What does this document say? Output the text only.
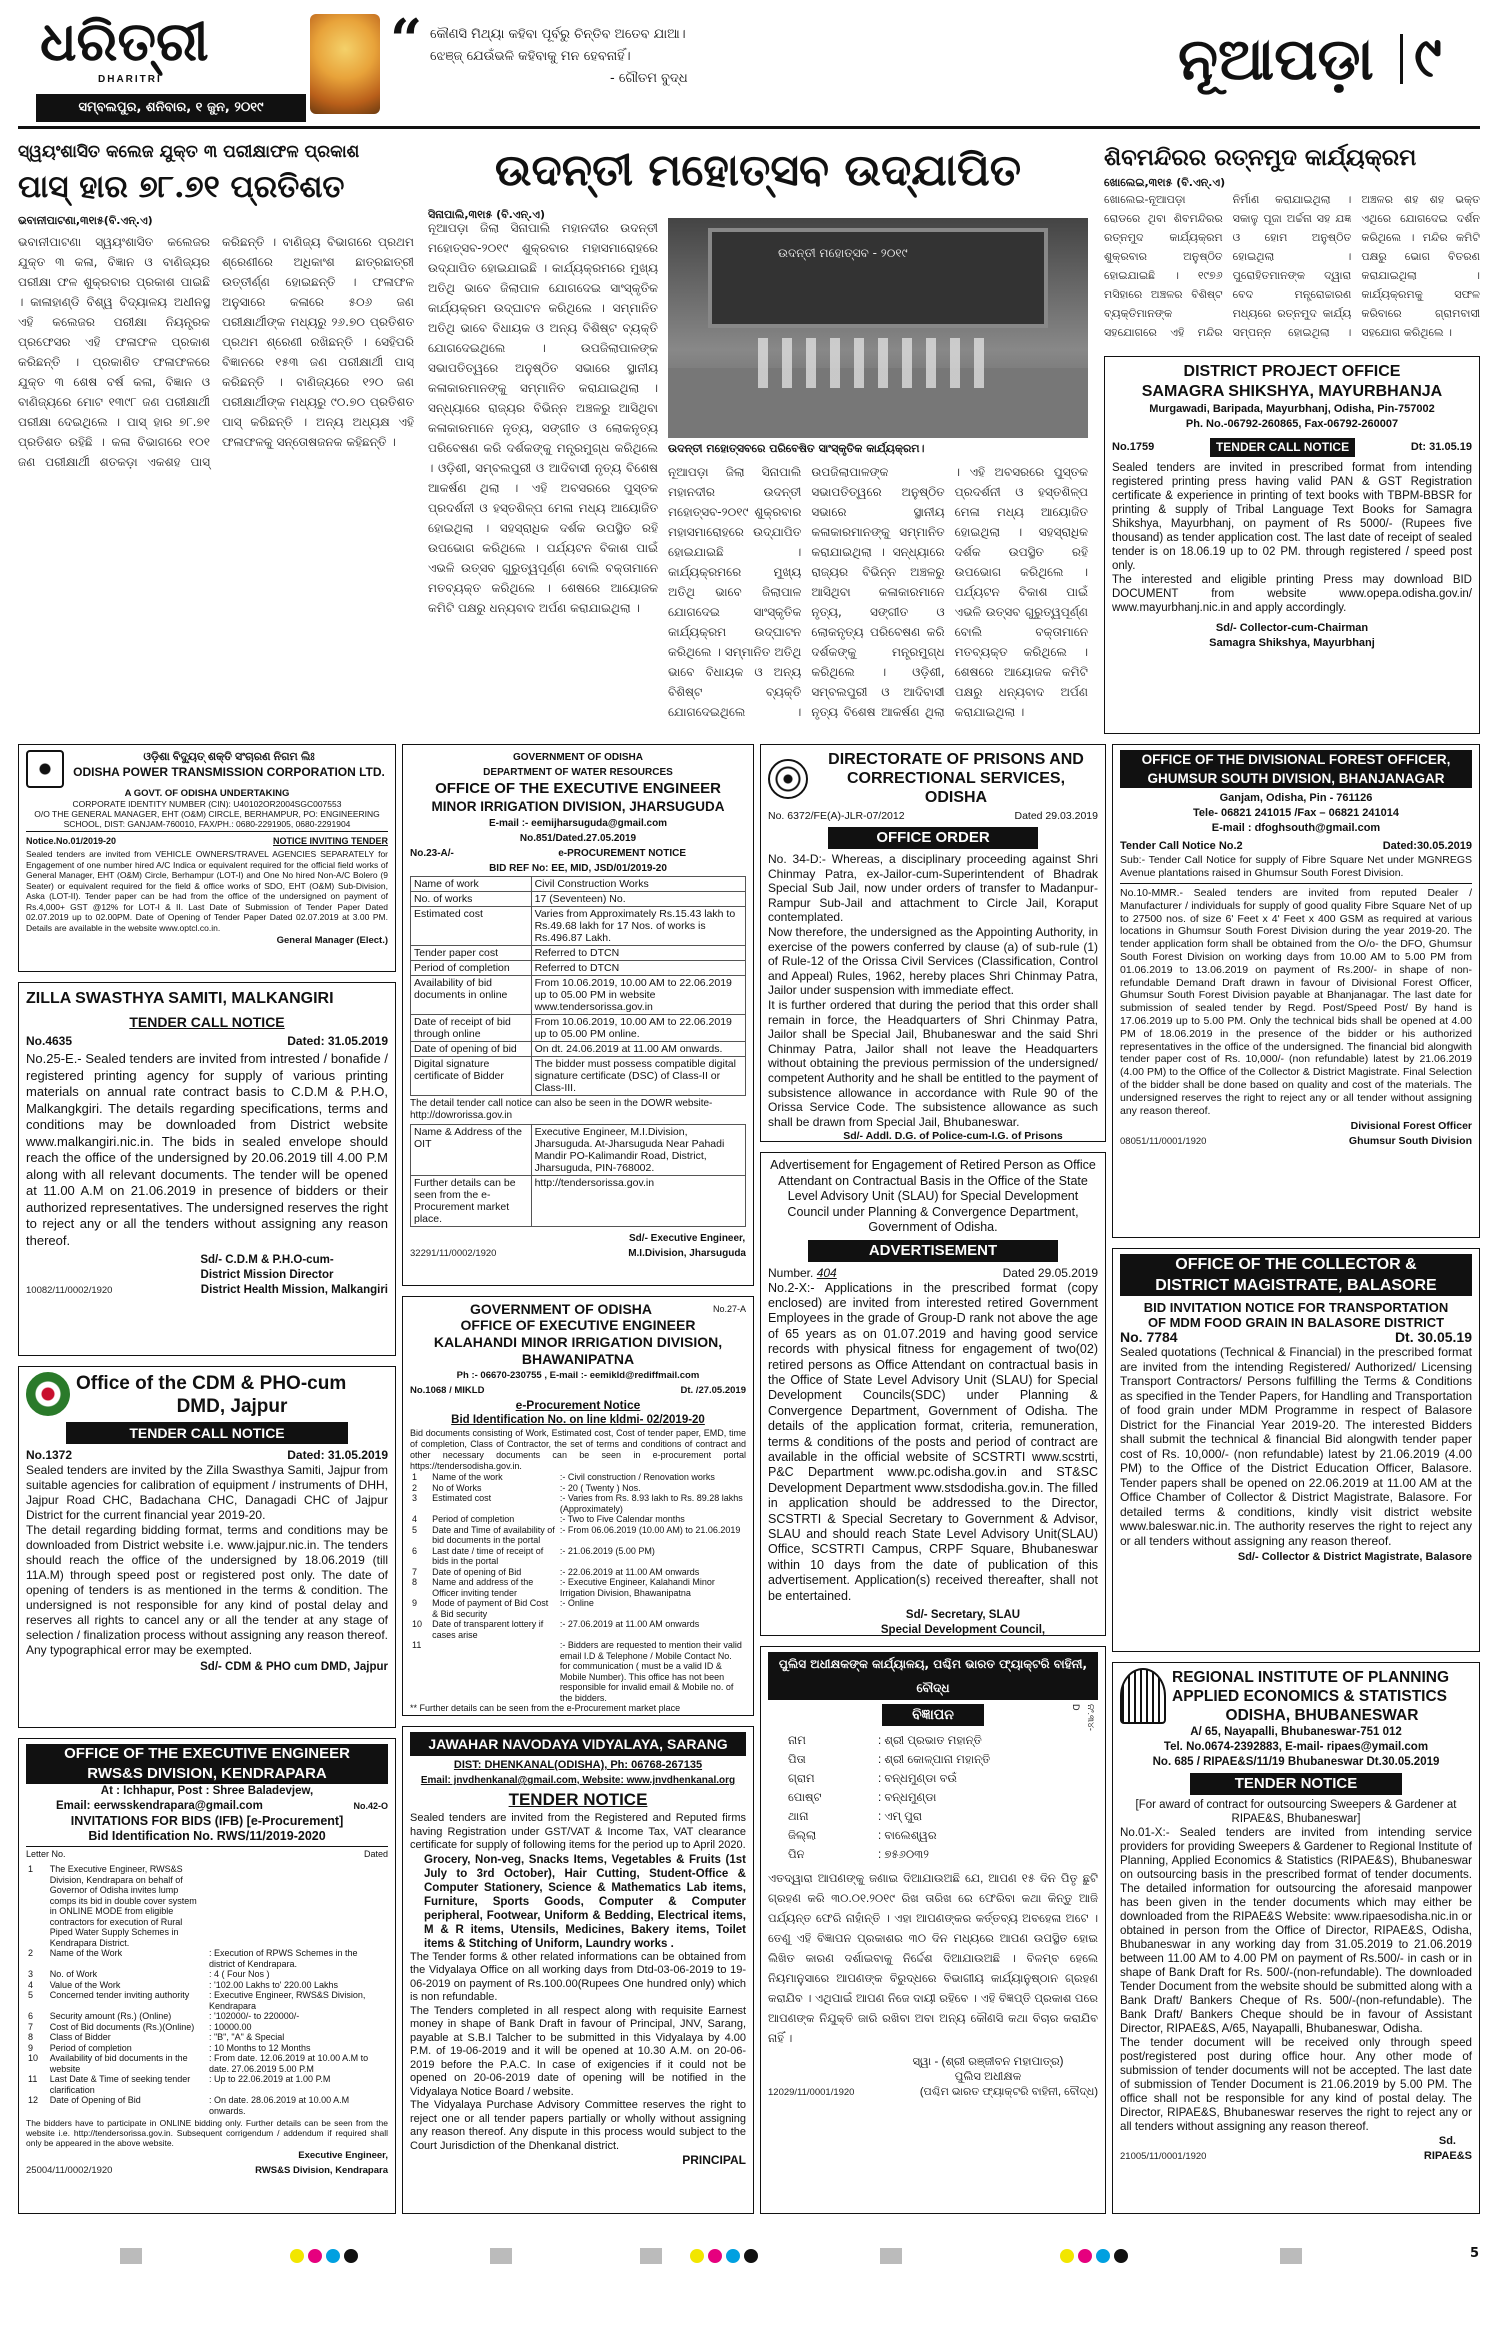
ଧରିତ୍ରୀ
DHARITRI
ସମ୍ବଲପୁର, ଶନିବାର, ୧ ଜୁନ, ୨୦୧୯
“ କୌଣସି ମିଥ୍ୟା କହିବା ପୂର୍ବରୁ ଚିନ୍ତିବ ଅତେବ ଯାଆ।
ଝେଞ୍ଜ୍ ଯେଉଁଭଳି କହିବାକୁ ମନ ହେବନାହିଁ।
- ଗୌତମ ବୁଦ୍ଧ	ନୂଆପଡ଼ା ୯
ସ୍ୱୟଂଶାସିତ କଲେଜ ଯୁକ୍ତ ୩ ପରୀକ୍ଷାଫଳ ପ୍ରକାଶ
ପାସ୍ ହାର ୭୮.୭୧ ପ୍ରତିଶତ
ଭବାନୀପାଟଣା,୩୧ା୫(ବି.ଏନ୍.ଏ)
ଭବାନୀପାଟଣା ସ୍ୱୟଂଶାସିତ କଲେଜର ଯୁକ୍ତ ୩ କଳା, ବିଜ୍ଞାନ ଓ ବାଣିଜ୍ୟର ପରୀକ୍ଷା ଫଳ ଶୁକ୍ରବାର ପ୍ରକାଶ ପାଇଛି । କାଳାହାଣ୍ଡି ବିଶ୍ୱ ବିଦ୍ୟାଳୟ ଅଧୀନସ୍ଥ ଏହି କଲେଜର ପରୀକ୍ଷା ନିୟନ୍ତ୍ରକ ପ୍ରଫେସର ଏହି ଫଳାଫଳ ପ୍ରକାଶ କରିଛନ୍ତି । ପ୍ରକାଶିତ ଫଳାଫଳରେ ଯୁକ୍ତ ୩ ଶେଷ ବର୍ଷ କଳା, ବିଜ୍ଞାନ ଓ ବାଣିଜ୍ୟରେ ମୋଟ ୧୩୯୮ ଜଣ ପରୀକ୍ଷାର୍ଥୀ ପରୀକ୍ଷା ଦେଇଥିଲେ । ପାସ୍ ହାର ୭୮.୭୧ ପ୍ରତିଶତ ରହିଛି । କଳା ବିଭାଗରେ ୧୦୧ ଜଣ ପରୀକ୍ଷାର୍ଥୀ ଶତକଡ଼ା ଏକଶହ ପାସ୍ କରିଛନ୍ତି । ବାଣିଜ୍ୟ ବିଭାଗରେ ପ୍ରଥମ ଶ୍ରେଣୀରେ ଅଧିକାଂଶ ଛାତ୍ରଛାତ୍ରୀ ଉତ୍ତୀର୍ଣ୍ଣ ହୋଇଛନ୍ତି । ଫଳାଫଳ ଅନୁସାରେ କଳାରେ ୫୦୬ ଜଣ ପରୀକ୍ଷାର୍ଥୀଙ୍କ ମଧ୍ୟରୁ ୨୬.୭୦ ପ୍ରତିଶତ ପ୍ରଥମ ଶ୍ରେଣୀ ରଖିଛନ୍ତି । ସେହିପରି ବିଜ୍ଞାନରେ ୧୫୩ ଜଣ ପରୀକ୍ଷାର୍ଥୀ ପାସ୍ କରିଛନ୍ତି । ବାଣିଜ୍ୟରେ ୧୨୦ ଜଣ ପରୀକ୍ଷାର୍ଥୀଙ୍କ ମଧ୍ୟରୁ ୯୦.୭୦ ପ୍ରତିଶତ ପାସ୍ କରିଛନ୍ତି । ଅନ୍ୟ ଅଧ୍ୟକ୍ଷ ଏହି ଫଳାଫଳକୁ ସନ୍ତୋଷଜନକ କହିଛନ୍ତି ।
ଉଦନ୍ତୀ ମହୋତ୍ସବ ଉଦ୍‌ଯାପିତ
ସିନାପାଲି,୩୧ା୫ (ବି.ଏନ୍.ଏ)
ଉଦନ୍ତୀ ମହୋତ୍ସବ - ୨୦୧୯
ଉଦନ୍ତୀ ମହୋତ୍ସବରେ ପରିବେଷିତ ସାଂସ୍କୃତିକ କାର୍ଯ୍ୟକ୍ରମ।
ନୂଆପଡ଼ା ଜିଲା ସିନାପାଲି ମହାନଦୀର ଉଦନ୍ତୀ ମହୋତ୍ସବ-୨୦୧୯ ଶୁକ୍ରବାର ମହାସମାରୋହରେ ଉଦ୍‌ଯାପିତ ହୋଇଯାଇଛି । କାର୍ଯ୍ୟକ୍ରମରେ ମୁଖ୍ୟ ଅତିଥି ଭାବେ ଜିଲାପାଳ ଯୋଗଦେଇ ସାଂସ୍କୃତିକ କାର୍ଯ୍ୟକ୍ରମ ଉଦ୍‌ଘାଟନ କରିଥିଲେ । ସମ୍ମାନିତ ଅତିଥି ଭାବେ ବିଧାୟକ ଓ ଅନ୍ୟ ବିଶିଷ୍ଟ ବ୍ୟକ୍ତି ଯୋଗଦେଇଥିଲେ । ଉପଜିଲାପାଳଙ୍କ ସଭାପତିତ୍ୱରେ ଅନୁଷ୍ଠିତ ସଭାରେ ସ୍ଥାନୀୟ କଳାକାରମାନଙ୍କୁ ସମ୍ମାନିତ କରାଯାଇଥିଲା । ସନ୍ଧ୍ୟାରେ ରାଜ୍ୟର ବିଭିନ୍ନ ଅଞ୍ଚଳରୁ ଆସିଥିବା କଳାକାରମାନେ ନୃତ୍ୟ, ସଙ୍ଗୀତ ଓ ଲୋକନୃତ୍ୟ ପରିବେଷଣ କରି ଦର୍ଶକଙ୍କୁ ମନ୍ତ୍ରମୁଗ୍ଧ କରିଥିଲେ । ଓଡ଼ିଶୀ, ସମ୍ବଲପୁରୀ ଓ ଆଦିବାସୀ ନୃତ୍ୟ ବିଶେଷ ଆକର୍ଷଣ ଥିଲା । ଏହି ଅବସରରେ ପୁସ୍ତକ ପ୍ରଦର୍ଶନୀ ଓ ହସ୍ତଶିଳ୍ପ ମେଳା ମଧ୍ୟ ଆୟୋଜିତ ହୋଇଥିଲା । ସହସ୍ରାଧିକ ଦର୍ଶକ ଉପସ୍ଥିତ ରହି ଉପଭୋଗ କରିଥିଲେ । ପର୍ଯ୍ୟଟନ ବିକାଶ ପାଇଁ ଏଭଳି ଉତ୍ସବ ଗୁରୁତ୍ୱପୂର୍ଣ୍ଣ ବୋଲି ବକ୍ତାମାନେ ମତବ୍ୟକ୍ତ କରିଥିଲେ । ଶେଷରେ ଆୟୋଜକ କମିଟି ପକ୍ଷରୁ ଧନ୍ୟବାଦ ଅର୍ପଣ କରାଯାଇଥିଲା ।
ନୂଆପଡ଼ା ଜିଲା ସିନାପାଲି ମହାନଦୀର ଉଦନ୍ତୀ ମହୋତ୍ସବ-୨୦୧୯ ଶୁକ୍ରବାର ମହାସମାରୋହରେ ଉଦ୍‌ଯାପିତ ହୋଇଯାଇଛି । କାର୍ଯ୍ୟକ୍ରମରେ ମୁଖ୍ୟ ଅତିଥି ଭାବେ ଜିଲାପାଳ ଯୋଗଦେଇ ସାଂସ୍କୃତିକ କାର୍ଯ୍ୟକ୍ରମ ଉଦ୍‌ଘାଟନ କରିଥିଲେ । ସମ୍ମାନିତ ଅତିଥି ଭାବେ ବିଧାୟକ ଓ ଅନ୍ୟ ବିଶିଷ୍ଟ ବ୍ୟକ୍ତି ଯୋଗଦେଇଥିଲେ । ଉପଜିଲାପାଳଙ୍କ ସଭାପତିତ୍ୱରେ ଅନୁଷ୍ଠିତ ସଭାରେ ସ୍ଥାନୀୟ କଳାକାରମାନଙ୍କୁ ସମ୍ମାନିତ କରାଯାଇଥିଲା । ସନ୍ଧ୍ୟାରେ ରାଜ୍ୟର ବିଭିନ୍ନ ଅଞ୍ଚଳରୁ ଆସିଥିବା କଳାକାରମାନେ ନୃତ୍ୟ, ସଙ୍ଗୀତ ଓ ଲୋକନୃତ୍ୟ ପରିବେଷଣ କରି ଦର୍ଶକଙ୍କୁ ମନ୍ତ୍ରମୁଗ୍ଧ କରିଥିଲେ । ଓଡ଼ିଶୀ, ସମ୍ବଲପୁରୀ ଓ ଆଦିବାସୀ ନୃତ୍ୟ ବିଶେଷ ଆକର୍ଷଣ ଥିଲା । ଏହି ଅବସରରେ ପୁସ୍ତକ ପ୍ରଦର୍ଶନୀ ଓ ହସ୍ତଶିଳ୍ପ ମେଳା ମଧ୍ୟ ଆୟୋଜିତ ହୋଇଥିଲା । ସହସ୍ରାଧିକ ଦର୍ଶକ ଉପସ୍ଥିତ ରହି ଉପଭୋଗ କରିଥିଲେ । ପର୍ଯ୍ୟଟନ ବିକାଶ ପାଇଁ ଏଭଳି ଉତ୍ସବ ଗୁରୁତ୍ୱପୂର୍ଣ୍ଣ ବୋଲି ବକ୍ତାମାନେ ମତବ୍ୟକ୍ତ କରିଥିଲେ । ଶେଷରେ ଆୟୋଜକ କମିଟି ପକ୍ଷରୁ ଧନ୍ୟବାଦ ଅର୍ପଣ କରାଯାଇଥିଲା ।
ଶିବମନ୍ଦିରର ରତ୍ନମୁଦ କାର୍ଯ୍ୟକ୍ରମ
ଖୋଲେଇ,୩୧ା୫ (ବି.ଏନ୍.ଏ)
ଖୋଲେଇ-ନୂଆପଡ଼ା ରୋଡରେ ଥିବା ଶିବମନ୍ଦିରର ରତ୍ନମୁଦ କାର୍ଯ୍ୟକ୍ରମ ଶୁକ୍ରବାର ଅନୁଷ୍ଠିତ ହୋଇଯାଇଛି । ୧୯୭୬ ମସିହାରେ ଅଞ୍ଚଳର ବିଶିଷ୍ଟ ବ୍ୟକ୍ତିମାନଙ୍କ ସହଯୋଗରେ ଏହି ମନ୍ଦିର ନିର୍ମାଣ କରାଯାଇଥିଲା । ସକାଳୁ ପୂଜା ଅର୍ଚ୍ଚନା ସହ ଯଜ୍ଞ ଓ ହୋମ ଅନୁଷ୍ଠିତ ହୋଇଥିଲା । ପୁରୋହିତମାନଙ୍କ ଦ୍ୱାରା ବେଦ ମନ୍ତ୍ରୋଚ୍ଚାରଣ ମଧ୍ୟରେ ରତ୍ନମୁଦ କାର୍ଯ୍ୟ ସମ୍ପନ୍ନ ହୋଇଥିଲା । ଅଞ୍ଚଳର ଶହ ଶହ ଭକ୍ତ ଏଥିରେ ଯୋଗଦେଇ ଦର୍ଶନ କରିଥିଲେ । ମନ୍ଦିର କମିଟି ପକ୍ଷରୁ ଭୋଗ ବିତରଣ କରାଯାଇଥିଲା । କାର୍ଯ୍ୟକ୍ରମକୁ ସଫଳ କରିବାରେ ଗ୍ରାମବାସୀ ସହଯୋଗ କରିଥିଲେ ।
DISTRICT PROJECT OFFICE
SAMAGRA SHIKSHYA, MAYURBHANJA
Murgawadi, Baripada, Mayurbhanj, Odisha, Pin-757002
Ph. No.-06792-260865, Fax-06792-260007
No.1759	TENDER CALL NOTICE	Dt: 31.05.19
Sealed tenders are invited in prescribed format from intending registered printing press having valid PAN & GST Registration certificate & experience in printing of text books with TBPM-BBSR for printing & supply of Tribal Language Text Books for Samagra Shikshya, Mayurbhanj, on payment of Rs 5000/- (Rupees five thousand) as tender application cost. The last date of receipt of sealed tender is on 18.06.19 up to 02 PM. through registered / speed post only.
The interested and eligible printing Press may download BID DOCUMENT from website www.opepa.odisha.gov.in/ www.mayurbhanj.nic.in and apply accordingly.
Sd/- Collector-cum-Chairman
Samagra Shikshya, Mayurbhanj
ଓଡ଼ିଶା ବିଦ୍ୟୁତ୍ ଶକ୍ତି ସଂଚାରଣ ନିଗମ ଲିଃ
ODISHA POWER TRANSMISSION CORPORATION LTD.
A GOVT. OF ODISHA UNDERTAKING
CORPORATE IDENTITY NUMBER (CIN): U40102OR2004SGC007553
O/O THE GENERAL MANAGER, EHT (O&M) CIRCLE, BERHAMPUR, PO: ENGINEERING SCHOOL, DIST: GANJAM-760010, FAX/PH.: 0680-2291905, 0680-2291904
Notice.No.01/2019-20	NOTICE INVITING TENDER
Sealed tenders are invited from VEHICLE OWNERS/TRAVEL AGENCIES SEPARATELY for Engagement of one number hired A/C Indica or equivalent required for the official field works of General Manager, EHT (O&M) Circle, Berhampur (LOT-I) and One No hired Non-A/C Bolero (9 Seater) or equivalent required for the field & office works of SDO, EHT (O&M) Sub-Division, Aska (LOT-II). Tender paper can be had from the office of the undersigned on payment of Rs.4,000+ GST @12% for LOT-I & II. Last Date of Submission of Tender Paper Dated 02.07.2019 up to 02.00PM. Date of Opening of Tender Paper Dated 02.07.2019 at 3.00 PM. Details are available in the website www.optcl.co.in.
General Manager (Elect.)
ZILLA SWASTHYA SAMITI, MALKANGIRI
TENDER CALL NOTICE
No.4635	Dated: 31.05.2019
No.25-E.- Sealed tenders are invited from intrested / bonafide / registered printing agency for supply of various printing materials on annual rate contract basis to C.D.M & P.H.O, Malkangkgiri. The details regarding specifications, terms and conditions may be downloaded from District website www.malkangiri.nic.in. The bids in sealed envelope should reach the office of the undersigned by 20.06.2019 till 4.00 P.M along with all relevant documents. The tender will be opened at 11.00 A.M on 21.06.2019 in presence of bidders or their authorized representatives. The undersigned reserves the right to reject any or all the tenders without assigning any reason thereof.
Sd/- C.D.M & P.H.O-cum-
District Mission Director
10082/11/0002/1920	District Health Mission, Malkangiri
Office of the CDM & PHO-cum
DMD, Jajpur
TENDER CALL NOTICE
No.1372	Dated: 31.05.2019
Sealed tenders are invited by the Zilla Swasthya Samiti, Jajpur from suitable agencies for calibration of equipment / instruments of DHH, Jajpur Road CHC, Badachana CHC, Danagadi CHC of Jajpur District for the current financial year 2019-20.
The detail regarding bidding format, terms and conditions may be downloaded from District website i.e. www.jajpur.nic.in. The tenders should reach the office of the undersigned by 18.06.2019 (till 11A.M) through speed post or registered post only. The date of opening of tenders is as mentioned in the terms & condition. The undersigned is not responsible for any kind of postal delay and reserves all rights to cancel any or all the tender at any stage of selection / finalization process without assigning any reason thereof. Any typographical error may be exempted.
Sd/- CDM & PHO cum DMD, Jajpur
OFFICE OF THE EXECUTIVE ENGINEER
RWS&S DIVISION, KENDRAPARA
At : Ichhapur, Post : Shree Baladevjew,
Email: eerwsskendrapara@gmail.com	No.42-O
INVITATIONS FOR BIDS (IFB) [e-Procurement]
Bid Identification No. RWS/11/2019-2020
Letter No.	Dated
1	The Executive Engineer, RWS&S Division, Kendrapara on behalf of Governor of Odisha invites lump comps its bid in double cover system in ONLINE MODE from eligible contractors for execution of Rural Piped Water Supply Schemes in Kendrapara District.	
2	Name of the Work	: Execution of RPWS Schemes in the district of Kendrapara.
3	No. of Work	: 4 ( Four Nos )
4	Value of the Work	: '102.00 Lakhs to' 220.00 Lakhs
5	Concerned tender inviting authority	: Executive Engineer, RWS&S Division, Kendrapara
6	Security amount (Rs.) (Online)	: '102000/- to 220000/-
7	Cost of Bid documents (Rs.)(Online)	: 10000.00
8	Class of Bidder	: "B", "A" & Special
9	Period of completion	: 10 Months to 12 Months
10	Availability of bid documents in the website	: From date. 12.06.2019 at 10.00 A.M to date. 27.06.2019 5.00 P.M
11	Last Date & Time of seeking tender clarification	: Up to 22.06.2019 at 1.00 P.M
12	Date of Opening of Bid	: On date. 28.06.2019 at 10.00 A.M onwards.
The bidders have to participate in ONLINE bidding only. Further details can be seen from the website i.e. http://tendersorissa.gov.in. Subsequent corrigendum / addendum if required shall only be appeared in the above website.
Executive Engineer,
25004/11/0002/1920	RWS&S Division, Kendrapara
GOVERNMENT OF ODISHA
DEPARTMENT OF WATER RESOURCES
OFFICE OF THE EXECUTIVE ENGINEER
MINOR IRRIGATION DIVISION, JHARSUGUDA
E-mail :- eemijharsuguda@gmail.com
No.851/Dated.27.05.2019
No.23-A/-	e-PROCUREMENT NOTICE
BID REF No: EE, MID, JSD/01/2019-20
Name of work	Civil Construction Works
No. of works	17 (Seventeen) No.
Estimated cost	Varies from Approximately Rs.15.43 lakh to Rs.49.68 lakh for 17 Nos. of works is Rs.496.87 Lakh.
Tender paper cost	Referred to DTCN
Period of completion	Referred to DTCN
Availability of bid documents in online	From 10.06.2019, 10.00 AM to 22.06.2019 up to 05.00 PM in website www.tendersorissa.gov.in
Date of receipt of bid through online	From 10.06.2019, 10.00 AM to 22.06.2019 up to 05.00 PM online.
Date of opening of bid	On dt. 24.06.2019 at 11.00 AM onwards.
Digital signature certificate of Bidder	The bidder must possess compatible digital signature certificate (DSC) of Class-II or Class-III.
The detail tender call notice can also be seen in the DOWR website- http://dowrorissa.gov.in
Name & Address of the OIT	Executive Engineer, M.I.Division, Jharsuguda. At-Jharsuguda Near Pahadi Mandir PO-Kalimandir Road, District, Jharsuguda, PIN-768002.
Further details can be seen from the e-Procurement market place.	http://tendersorissa.gov.in
32291/11/0002/1920
Sd/- Executive Engineer,
M.I.Division, Jharsuguda
GOVERNMENT OF ODISHA	No.27-A
OFFICE OF EXECUTIVE ENGINEER
KALAHANDI MINOR IRRIGATION DIVISION,
BHAWANIPATNA
Ph :- 06670-230755 , E-mail :- eemikld@rediffmail.com
No.1068 / MIKLD	Dt. /27.05.2019
e-Procurement Notice
Bid Identification No. on line kldmi- 02/2019-20
Bid documents consisting of Work, Estimated cost, Cost of tender paper, EMD, time of completion, Class of Contractor, the set of terms and conditions of contract and other necessary documents can be seen in e-procurement portal https://tendersodisha.gov.in.
1	Name of the work	:- Civil construction / Renovation works
2	No of Works	:- 20 ( Twenty ) Nos.
3	Estimated cost	:- Varies from Rs. 8.93 lakh to Rs. 89.28 lakhs (Approximately)
4	Period of completion	:- Two to Five Calendar months
5	Date and Time of availability of bid documents in the portal	:- From 06.06.2019 (10.00 AM) to 21.06.2019
6	Last date / time of receipt of bids in the portal	:- 21.06.2019 (5.00 PM)
7	Date of opening of Bid	:- 22.06.2019 at 11.00 AM onwards
8	Name and address of the Officer inviting tender	:- Executive Engineer, Kalahandi Minor Irrigation Division, Bhawanipatna
9	Mode of payment of Bid Cost & Bid security	:- Online
10	Date of transparent lottery if cases arise	:- 27.06.2019 at 11.00 AM onwards
11		:- Bidders are requested to mention their valid email I.D & Telephone / Mobile Contact No. for communication ( must be a valid ID & Mobile Number). This office has not been responsible for invalid email & Mobile no. of the bidders.
** Further details can be seen from the e-Procurement market place
JAWAHAR NAVODAYA VIDYALAYA, SARANG
DIST: DHENKANAL(ODISHA), Ph: 06768-267135
Email: jnvdhenkanal@gmail.com, Website: www.jnvdhenkanal.org
TENDER NOTICE
Sealed tenders are invited from the Registered and Reputed firms having Registration under GST/VAT & Income Tax, VAT clearance certificate for supply of following items for the period up to April 2020.
Grocery, Non-veg, Snacks Items, Vegetables & Fruits (1st July to 3rd October), Hair Cutting, Student-Office & Computer Stationery, Science & Mathematics Lab items, Furniture, Sports Goods, Computer & Computer peripheral, Footwear, Uniform & Bedding, Electrical items, M & R items, Utensils, Medicines, Bakery items, Toilet items & Stitching of Uniform, Laundry works .
The Tender forms & other related informations can be obtained from the Vidyalaya Office on all working days from Dtd-03-06-2019 to 19-06-2019 on payment of Rs.100.00(Rupees One hundred only) which is non refundable.
The Tenders completed in all respect along with requisite Earnest money in shape of Bank Draft in favour of Principal, JNV, Sarang, payable at S.B.I Talcher to be submitted in this Vidyalaya by 4.00 P.M. of 19-06-2019 and it will be opened at 10.30 A.M. on 20-06-2019 before the P.A.C. In case of exigencies if it could not be opened on 20-06-2019 date of opening will be notified in the Vidyalaya Notice Board / website.
The Vidyalaya Purchase Advisory Committee reserves the right to reject one or all tender papers partially or wholly without assigning any reason thereof. Any dispute in this process would subject to the Court Jurisdiction of the Dhenkanal district.
PRINCIPAL
DIRECTORATE OF PRISONS AND
CORRECTIONAL SERVICES, ODISHA
No. 6372/FE(A)-JLR-07/2012	Dated 29.03.2019
OFFICE ORDER
No. 34-D:- Whereas, a disciplinary proceeding against Shri Chinmay Patra, ex-Jailor-cum-Superintendent of Bhadrak Special Sub Jail, now under orders of transfer to Madanpur-Rampur Sub-Jail and attachment to Circle Jail, Koraput contemplated.
Now therefore, the undersigned as the Appointing Authority, in exercise of the powers conferred by clause (a) of sub-rule (1) of Rule-12 of the Orissa Civil Services (Classification, Control and Appeal) Rules, 1962, hereby places Shri Chinmay Patra, Jailor under suspension with immediate effect.
It is further ordered that during the period that this order shall remain in force, the Headquarters of Shri Chinmay Patra, Jailor shall be Special Jail, Bhubaneswar and the said Shri Chinmay Patra, Jailor shall not leave the Headquarters without obtaining the previous permission of the undersigned/ competent Authority and he shall be entitled to the payment of subsistence allowance in accordance with Rule 90 of the Orissa Service Code. The subsistence allowance as such shall be drawn from Special Jail, Bhubaneswar.
Sd/- Addl. D.G. of Police-cum-I.G. of Prisons
Advertisement for Engagement of Retired Person as Office Attendant on Contractual Basis in the Office of the State Level Advisory Unit (SLAU) for Special Development Council under Planning & Convergence Department, Government of Odisha.
ADVERTISEMENT
Number. 404	Dated 29.05.2019
No.2-X:- Applications in the prescribed format (copy enclosed) are invited from interested retired Government Employees in the grade of Group-D rank not above the age of 65 years as on 01.07.2019 and having good service records with physical fitness for engagement of two(02) retired persons as Office Attendant on contractual basis in the Office of State Level Advisory Unit (SLAU) for Special Development Councils(SDC) under Planning & Convergence Department, Government of Odisha. The details of the application format, criteria, remuneration, terms & conditions of the posts and period of contract are available in the official website of SCSTRTI www.scstrti, P&C Department www.pc.odisha.gov.in and ST&SC Development Department www.stsdodisha.gov.in. The filled in application should be addressed to the Director, SCSTRTI & Special Secretary to Government & Advisor, SLAU and should reach State Level Advisory Unit(SLAU) Office, SCSTRTI Campus, CRPF Square, Bhubaneswar within 10 days from the date of publication of this advertisement. Application(s) received thereafter, shall not be entertained.
Sd/- Secretary, SLAU
Special Development Council,
ପୁଲିସ ଅଧୀକ୍ଷକଙ୍କ କାର୍ଯ୍ୟାଳୟ, ପଶ୍ଚିମ ଭାରତ ଫ୍ୟାକ୍ଟରି ବାହିନୀ, ବୌଦ୍ଧ
ବିଜ୍ଞାପନ	ନଂ.୩୪-D
ନାମ	: ଶ୍ରୀ ପ୍ରଭାତ ମହାନ୍ତି
ପିତା	: ଶ୍ରୀ କୋଳ୍ପାନା ମହାନ୍ତି
ଗ୍ରାମ	: ବନ୍ଧମୁଣ୍ଡା ବଉଁ
ପୋଷ୍ଟ	: ବନ୍ଧମୁଣ୍ଡା
ଥାନା	: ଏମ୍‌ ପୁରା
ଜିଲ୍ଲା	: ବାଲେଶ୍ୱର
ପିନ	: ୭୫୬୦୩୨
ଏତଦ୍ୱାରା ଆପଣଙ୍କୁ ଜଣାଇ ଦିଆଯାଉଅଛି ଯେ, ଆପଣ ୧୫ ଦିନ ପିତୃ ଛୁଟି ଗ୍ରହଣ କରି ୩୦.୦୧.୨୦୧୯ ରିଖ ତାରିଖ ରେ ଫେରିବା କଥା କିନ୍ତୁ ଆଜି ପର୍ଯ୍ୟନ୍ତ ଫେରି ନାହାଁନ୍ତି । ଏହା ଆପଣଙ୍କର କର୍ତ୍ତବ୍ୟ ଅବହେଳା ଅଟେ । ତେଣୁ ଏହି ବିଜ୍ଞାପନ ପ୍ରକାଶର ୩୦ ଦିନ ମଧ୍ୟରେ ଆପଣ ଉପସ୍ଥିତ ହୋଇ ଲିଖିତ କାରଣ ଦର୍ଶାଇବାକୁ ନିର୍ଦ୍ଦେଶ ଦିଆଯାଉଅଛି । ବିଳମ୍ବ ହେଲେ ନିୟମାନୁସାରେ ଆପଣଙ୍କ ବିରୁଦ୍ଧରେ ବିଭାଗୀୟ କାର୍ଯ୍ୟାନୁଷ୍ଠାନ ଗ୍ରହଣ କରାଯିବ । ଏଥିପାଇଁ ଆପଣ ନିଜେ ଦାୟୀ ରହିବେ । ଏହି ବିଜ୍ଞପ୍ତି ପ୍ରକାଶ ପରେ ଆପଣଙ୍କ ନିଯୁକ୍ତି ଜାରି ରଖିବା ଅବା ଅନ୍ୟ କୌଣସି କଥା ବିଚାର କରାଯିବ ନାହିଁ ।
ସ୍ୱା - (ଶ୍ରୀ ରଞ୍ଜୀବନ ମହାପାତ୍ର)
ପୁଲିସ ଅଧୀକ୍ଷକ
12029/11/0001/1920	(ପଶ୍ଚିମ ଭାରତ ଫ୍ୟାକ୍ଟରି ବାହିନୀ, ବୌଦ୍ଧ)
OFFICE OF THE DIVISIONAL FOREST OFFICER,
GHUMSUR SOUTH DIVISION, BHANJANAGAR
Ganjam, Odisha, Pin - 761126
Tele- 06821 241015 /Fax – 06821 241014
E-mail : dfoghsouth@gmail.com
Tender Call Notice No.2	Dated:30.05.2019
Sub:- Tender Call Notice for supply of Fibre Square Net under MGNREGS Avenue plantations raised in Ghumsur South Forest Division.
No.10-MMR.- Sealed tenders are invited from reputed Dealer / Manufacturer / individuals for supply of good quality Fibre Square Net of up to 27500 nos. of size 6' Feet x 4' Feet x 400 GSM as required at various locations in Ghumsur South Forest Division during the year 2019-20. The tender application form shall be obtained from the O/o- the DFO, Ghumsur South Forest Division on working days from 10.00 AM to 5.00 PM from 01.06.2019 to 13.06.2019 on payment of Rs.200/- in shape of non-refundable Demand Draft drawn in favour of Divisional Forest Officer, Ghumsur South Forest Division payable at Bhanjanagar. The last date for submission of sealed tender by Regd. Post/Speed Post/ By hand is 17.06.2019 up to 5.00 PM. Only the technical bids shall be opened at 4.00 PM of 18.06.2019 in the presence of the bidder or his authorized representatives in the office of the undersigned. The financial bid alongwith tender paper cost of Rs. 10,000/- (non refundable) latest by 21.06.2019 (4.00 PM) to the Office of the Collector & District Magistrate. Final Selection of the bidder shall be done based on quality and cost of the materials. The undersigned reserves the right to reject any or all tender without assigning any reason thereof.
Divisional Forest Officer
08051/11/0001/1920	Ghumsur South Division
OFFICE OF THE COLLECTOR &
DISTRICT MAGISTRATE, BALASORE
BID INVITATION NOTICE FOR TRANSPORTATION
OF MDM FOOD GRAIN IN BALASORE DISTRICT
No. 7784	Dt. 30.05.19
Sealed quotations (Technical & Financial) in the prescribed format are invited from the intending Registered/ Authorized/ Licensing Transport Contractors/ Persons fulfilling the Terms & Conditions as specified in the Tender Papers, for Handling and Transportation of food grain under MDM Programme in respect of Balasore District for the Financial Year 2019-20. The interested Bidders shall submit the technical & financial Bid alongwith tender paper cost of Rs. 10,000/- (non refundable) latest by 21.06.2019 (4.00 PM) to the Office of the District Education Officer, Balasore. Tender papers shall be opened on 22.06.2019 at 11.00 AM at the Office Chamber of Collector & District Magistrate, Balasore. For detailed terms & conditions, kindly visit district website www.baleswar.nic.in. The authority reserves the right to reject any or all tenders without assigning any reason thereof.
Sd/- Collector & District Magistrate, Balasore
REGIONAL INSTITUTE OF PLANNING
APPLIED ECONOMICS & STATISTICS
ODISHA, BHUBANESWAR
A/ 65, Nayapalli, Bhubaneswar-751 012
Tel. No.0674-2392883, E-mail- ripaes@ymail.com
No. 685 / RIPAE&S/11/19 Bhubaneswar Dt.30.05.2019
TENDER NOTICE
[For award of contract for outsourcing Sweepers & Gardener at RIPAE&S, Bhubaneswar]
No.01-X:- Sealed tenders are invited from intending service providers for providing Sweepers & Gardener to Regional Institute of Planning, Applied Economics & Statistics (RIPAE&S), Bhubaneswar on outsourcing basis in the prescribed format of tender documents. The detailed information for outsourcing the aforesaid manpower has been given in the tender documents which may either be downloaded from the RIPAE&S Website: www.ripaesodisha.nic.in or obtained in person from the Office of Director, RIPAE&S, Odisha, Bhubaneswar in any working day from 31.05.2019 to 21.06.2019 between 11.00 AM to 4.00 PM on payment of Rs.500/- in cash or in shape of Bank Draft for Rs. 500/-(non-refundable). The downloaded Tender Document from the website should be submitted along with a Bank Draft/ Bankers Cheque of Rs. 500/-(non-refundable). The Bank Draft/ Bankers Cheque should be in favour of Assistant Director, RIPAE&S, A/65, Nayapalli, Bhubaneswar, Odisha.
The tender document will be received only through speed post/registered post during office hour. Any other mode of submission of tender documents will not be accepted. The last date of submission of Tender Document is 21.06.2019 by 5.00 PM. The office shall not be responsible for any kind of postal delay. The Director, RIPAE&S, Bhubaneswar reserves the right to reject any or all tenders without assigning any reason thereof.
Sd.
21005/11/0001/1920	RIPAE&S
5
